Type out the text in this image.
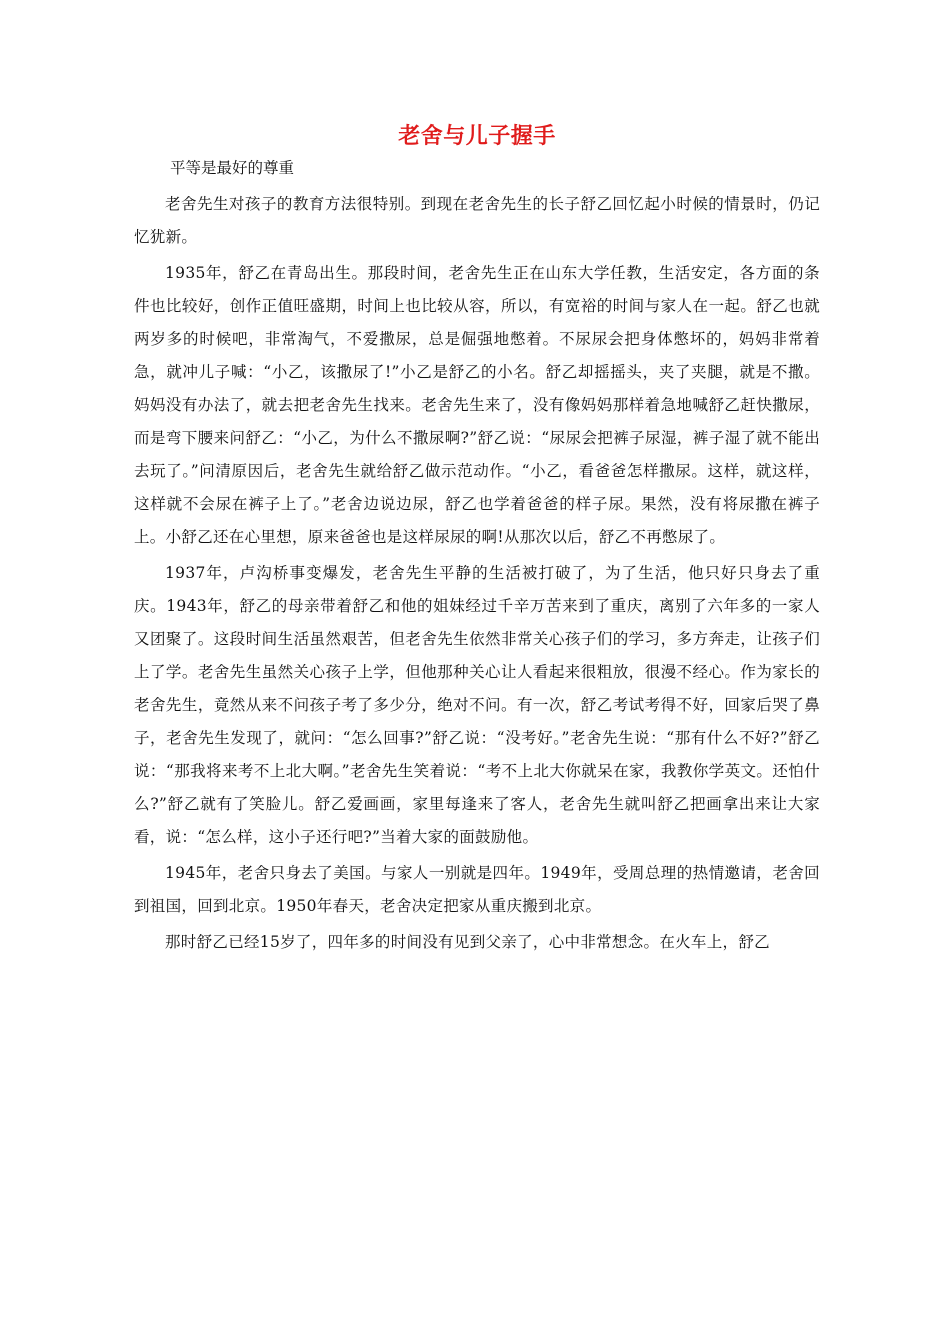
老舍与儿子握手

平等是最好的尊重

老舍先生对孩子的教育方法很特别。到现在老舍先生的长子舒乙回忆起小时候的情景时，仍记忆犹新。

1935年，舒乙在青岛出生。那段时间，老舍先生正在山东大学任教，生活安定，各方面的条件也比较好，创作正值旺盛期，时间上也比较从容，所以，有宽裕的时间与家人在一起。舒乙也就两岁多的时候吧，非常淘气，不爱撒尿，总是倔强地憋着。不尿尿会把身体憋坏的，妈妈非常着急，就冲儿子喊：“小乙，该撒尿了!”小乙是舒乙的小名。舒乙却摇摇头，夹了夹腿，就是不撒。妈妈没有办法了，就去把老舍先生找来。老舍先生来了，没有像妈妈那样着急地喊舒乙赶快撒尿，而是弯下腰来问舒乙：“小乙，为什么不撒尿啊?”舒乙说：“尿尿会把裤子尿湿，裤子湿了就不能出去玩了。”问清原因后，老舍先生就给舒乙做示范动作。“小乙，看爸爸怎样撒尿。这样，就这样，这样就不会尿在裤子上了。”老舍边说边尿，舒乙也学着爸爸的样子尿。果然，没有将尿撒在裤子上。小舒乙还在心里想，原来爸爸也是这样尿尿的啊!从那次以后，舒乙不再憋尿了。

1937年，卢沟桥事变爆发，老舍先生平静的生活被打破了，为了生活，他只好只身去了重庆。1943年，舒乙的母亲带着舒乙和他的姐妹经过千辛万苦来到了重庆，离别了六年多的一家人又团聚了。这段时间生活虽然艰苦，但老舍先生依然非常关心孩子们的学习，多方奔走，让孩子们上了学。老舍先生虽然关心孩子上学，但他那种关心让人看起来很粗放，很漫不经心。作为家长的老舍先生，竟然从来不问孩子考了多少分，绝对不问。有一次，舒乙考试考得不好，回家后哭了鼻子，老舍先生发现了，就问：“怎么回事?”舒乙说：“没考好。”老舍先生说：“那有什么不好?”舒乙说：“那我将来考不上北大啊。”老舍先生笑着说：“考不上北大你就呆在家，我教你学英文。还怕什么?”舒乙就有了笑脸儿。舒乙爱画画，家里每逢来了客人，老舍先生就叫舒乙把画拿出来让大家看，说：“怎么样，这小子还行吧?”当着大家的面鼓励他。

1945年，老舍只身去了美国。与家人一别就是四年。1949年，受周总理的热情邀请，老舍回到祖国，回到北京。1950年春天，老舍决定把家从重庆搬到北京。

那时舒乙已经15岁了，四年多的时间没有见到父亲了，心中非常想念。在火车上，舒乙
